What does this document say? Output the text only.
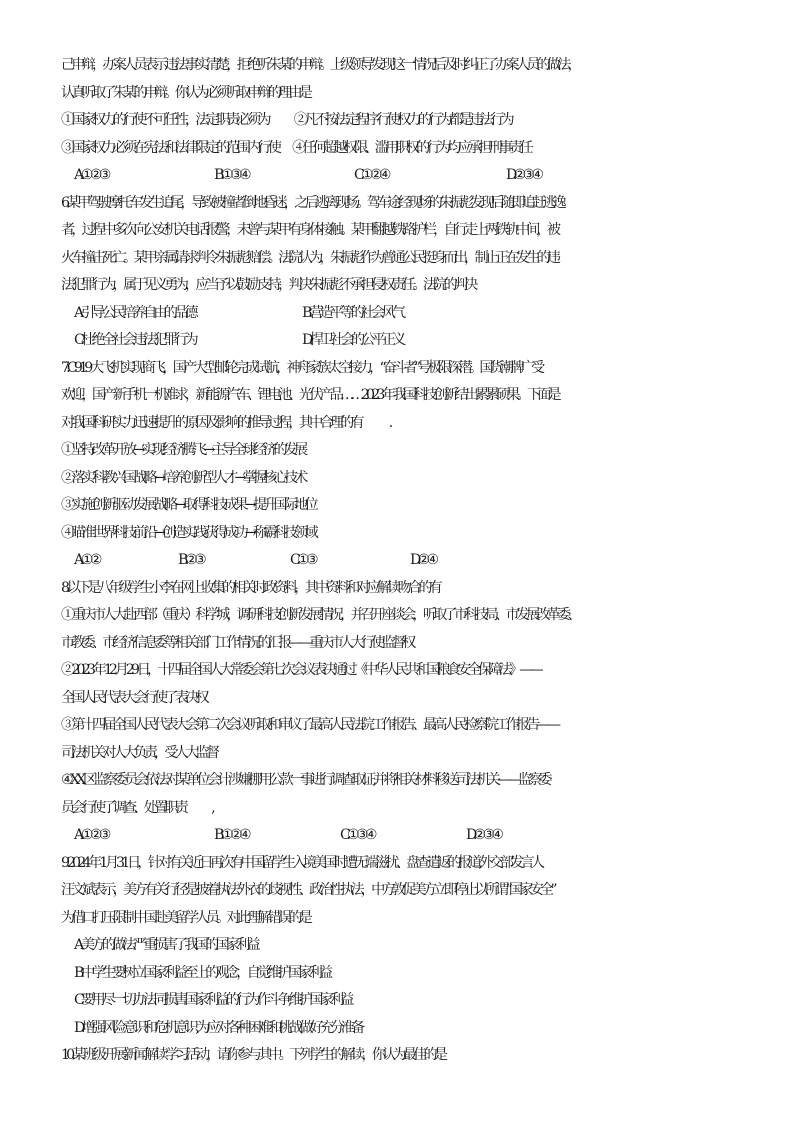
己申辩，办案人员表示违法事实清楚，拒绝听朱某的申辩。上级领导发现这一情况后及时纠正了办案人员的做法，
认真听取了朱某的申辩。你认为必须听取申辩的理由是
①国家权力的行使不可任性，法定职责必须为 ②凡不按法定程序行使权力的行为都是违法行为
③国家权力必须在宪法和法律限定的范围内行使 ④任何超越权限、滥用职权的行为均应承担刑事责任
A.①②③	B.①③④	C.①②④	D.②③④
6.某甲驾驶摩托车发生追尾，导致被撞者倒地昏迷，之后逃离现场。驾车途经现场的朱振彪发现后随即追赶逃逸
者，过程中多次向公安机关电话报警，未曾与某甲有身体接触。某甲翻越铁路护栏，自行走上两铁轨中间，被
火车撞击死亡。某甲亲属请求判令朱振彪赔偿。法院认为，朱振彪作为普通公民挺身而出，制止正在发生的违
法犯罪行为，属于见义勇为，应当予以鼓励支持，判决朱振彪不承担侵权责任。法院的判决
A.引导公民培养自由的品德	B.营造平等的社会风气
C.杜绝全社会违法犯罪行为	D.捍卫社会的公平正义
7.C919 大飞机实现商飞，国产大型邮轮完成试航，神舟家族太空接力，“奋斗者”号极限深潜。国货潮牌广受
欢迎，国产新手机一机难求，新能源汽车、锂电池、光伏产品……2023 年我国科技创新结出累累硕果。下面是
对我国科研实力迅速提升的原因及影响的推导过程，其中合理的有 .
①坚持改革开放→实现经济腾飞→主导全球经济的发展
②落实科教兴国战略→培养创新型人才→掌握核心技术
③实施创新驱动发展战略→取得科技成果→提升国际地位
④瞄准世界科技前沿→创造实践获得成功→称霸科技领域
A.①②	B.②③	C.①③	D.②④
8.以下是八年级学生小李在网上收集的相关时政资料，其中资料和对应解读吻合的有
①重庆市人大赴西部（重庆）科学城，调研科技创新发展情况，并召开座谈会，听取了市科技局、市发展改革委、
市教委、市经济信息委等相关部门工作情况的汇报——重庆市人大行使监督权
②2023 年 12 月 29 日，十四届全国人大常委会第七次会议表决通过《中华人民共和国粮食安全保障法》——
全国人民代表大会行使了表决权
③第十四届全国人民代表大会第二次会议听取和审议了最高人民法院工作报告、最高人民检察院工作报告——
司法机关对人大负责，受人大监督
④XX 区监察委员会依法对某单位会计涉嫌挪用公款一事进行调查取证,并将相关材料移送司法机关——监察委
员会行使了调查、处置职责 ,
A.①②③	B.①②④	C.①③④	D.②③④
9.2024 年 1 月 31 日，针对有关近日再次有中国留学生入境美国时遭无端滋扰、盘查遣返的报道,外交部发言人
汪文斌表示，美方有关行径是披着执法外衣的歧视性、政治性执法，中方敦促美方立即停止以所谓“国家安全”
为借口打压限制中国赴美留学人员。对此理解错误的是
A.美方的做法严重损害了我国的国家利益
B.中学生要树立国家利益至上的观念，自觉维护国家利益
C.要用尽一切办法同损害国家利益的行为作斗争,维护国家利益
D.增强风险意识和危机意识,为应对各种困难和挑战做好充分准备
10.某班级开展新闻解读学习活动，请你参与其中。下列学生的解读，你认为最佳的是
